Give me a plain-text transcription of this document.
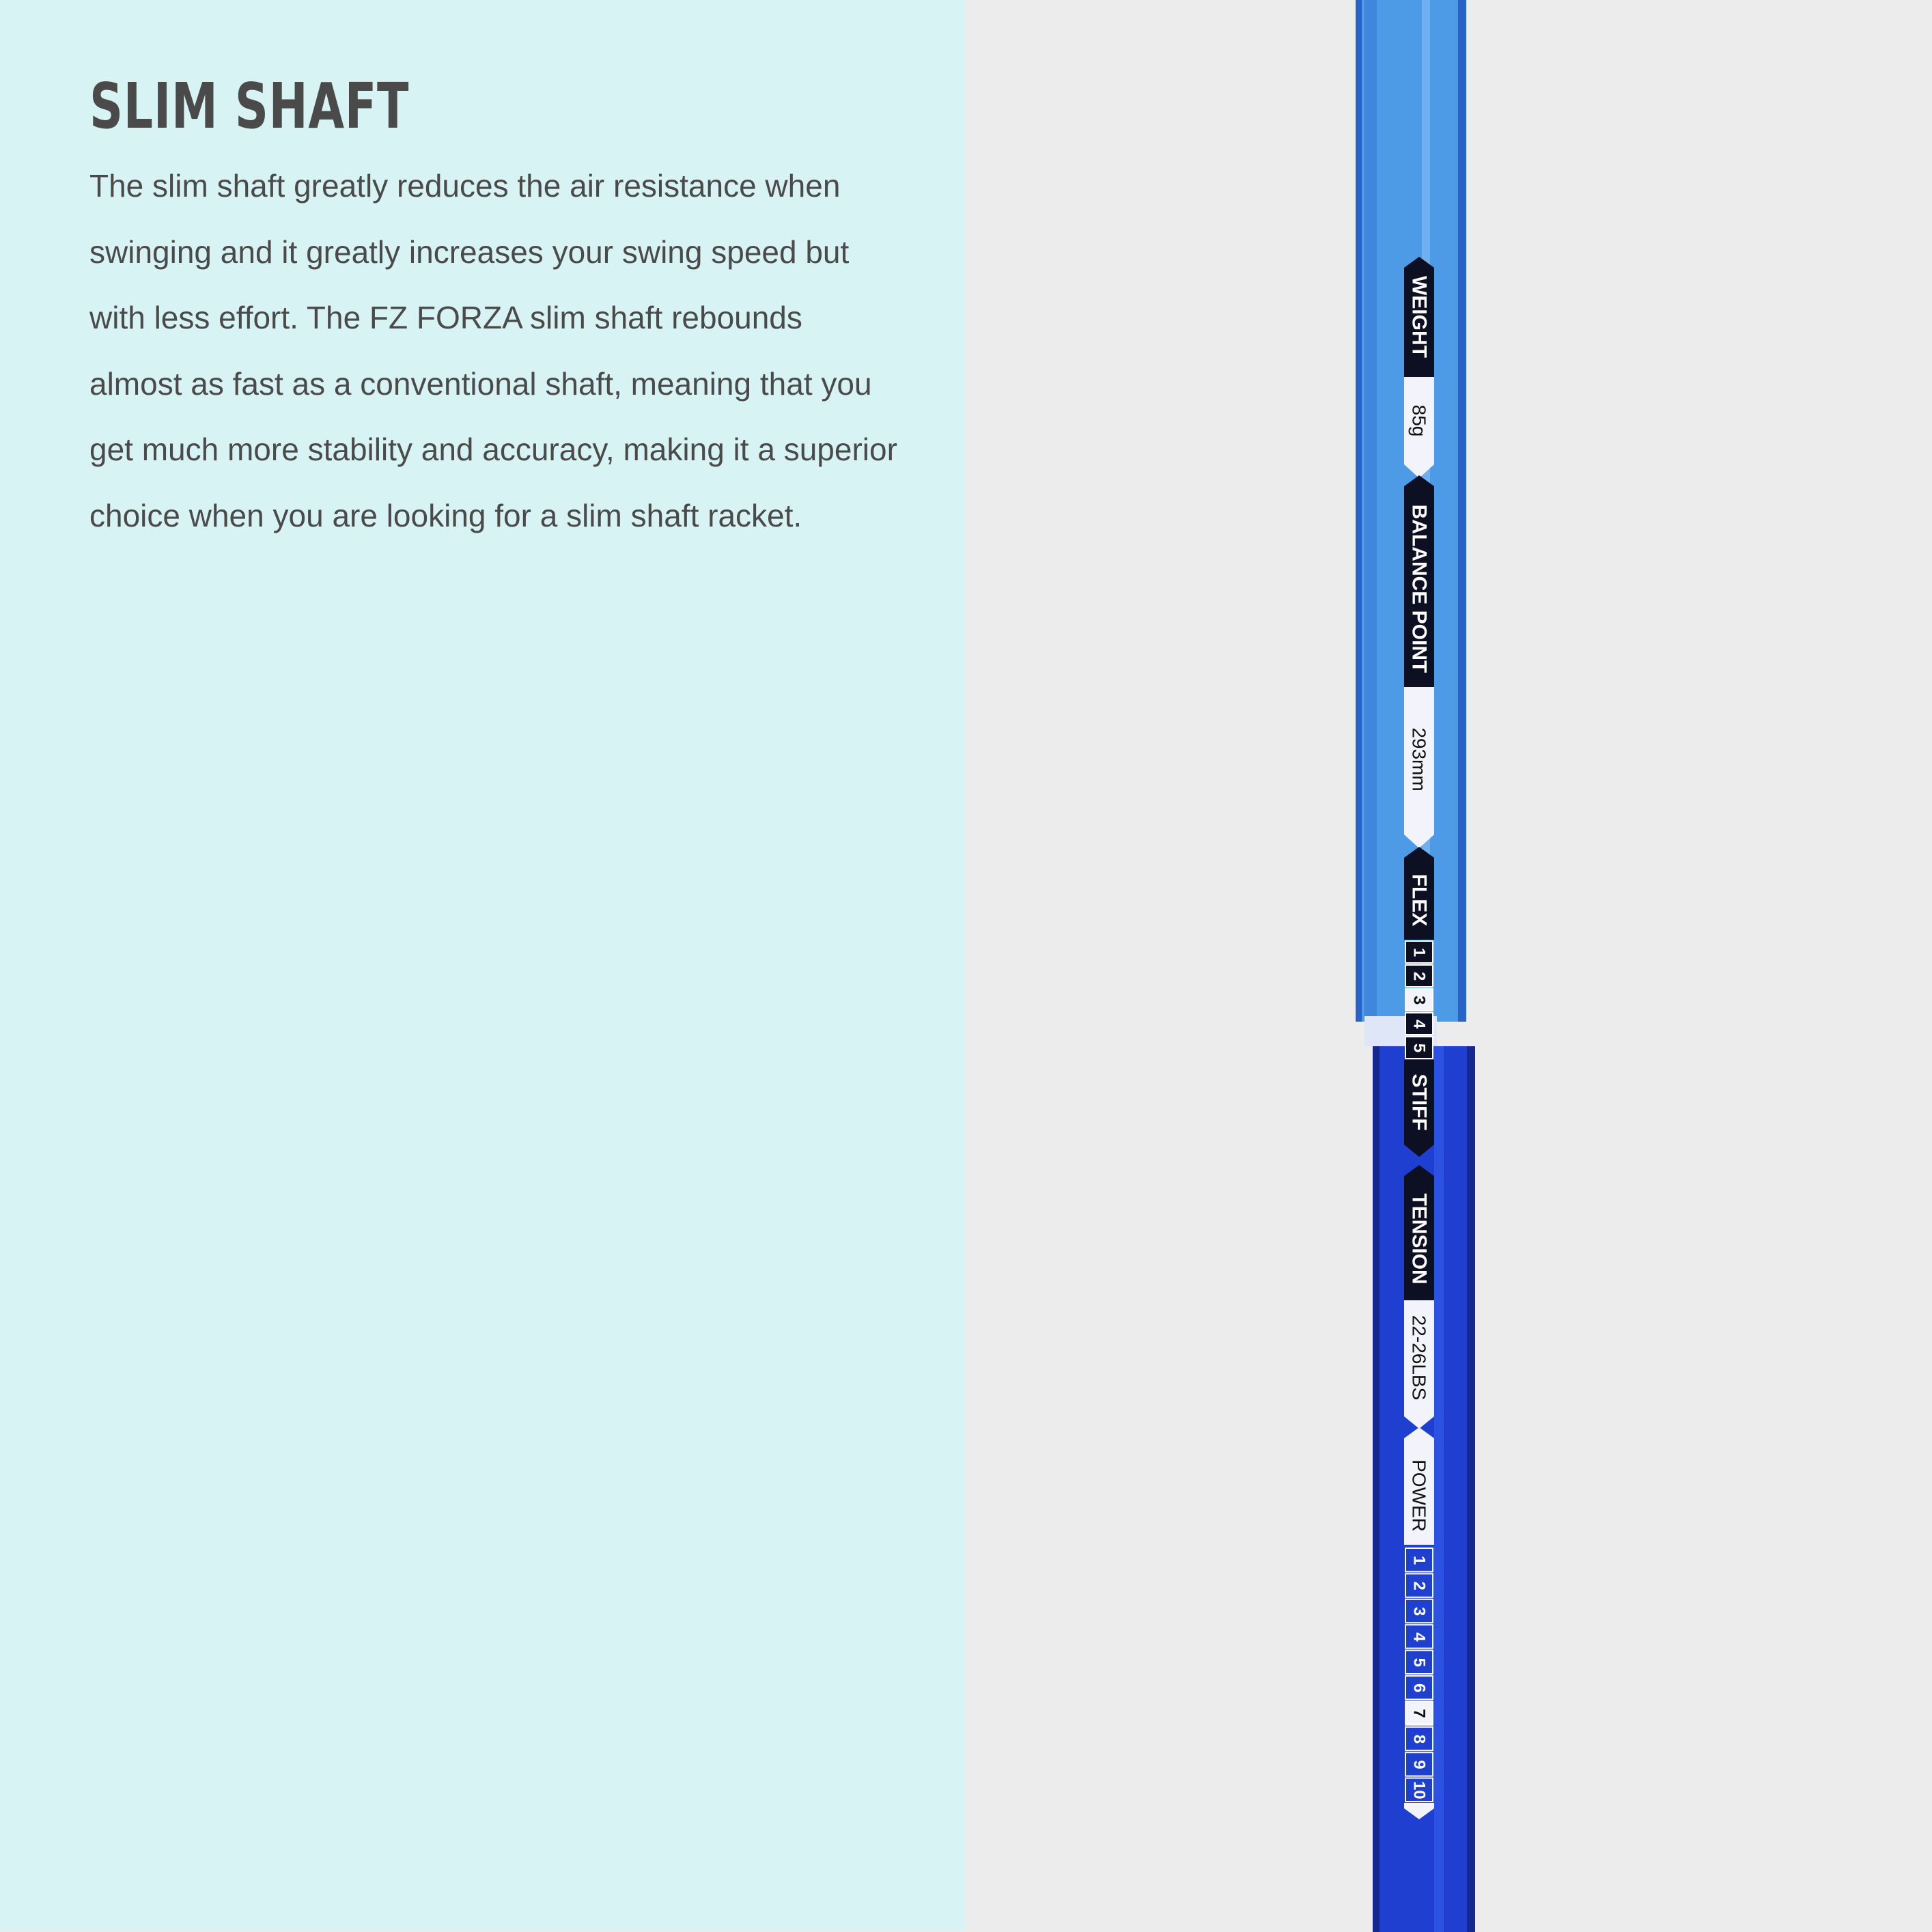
SLIM SHAFT

The slim shaft greatly reduces the air resistance when swinging and it greatly increases your swing speed but with less effort. The FZ FORZA slim shaft rebounds almost as fast as a conventional shaft, meaning that you get much more stability and accuracy, making it a superior choice when you are looking for a slim shaft racket.

WEIGHT
85g
BALANCE POINT
293mm
FLEX
1
2
3
4
5
STIFF
TENSION
22-26LBS
POWER
1
2
3
4
5
6
7
8
9
10
